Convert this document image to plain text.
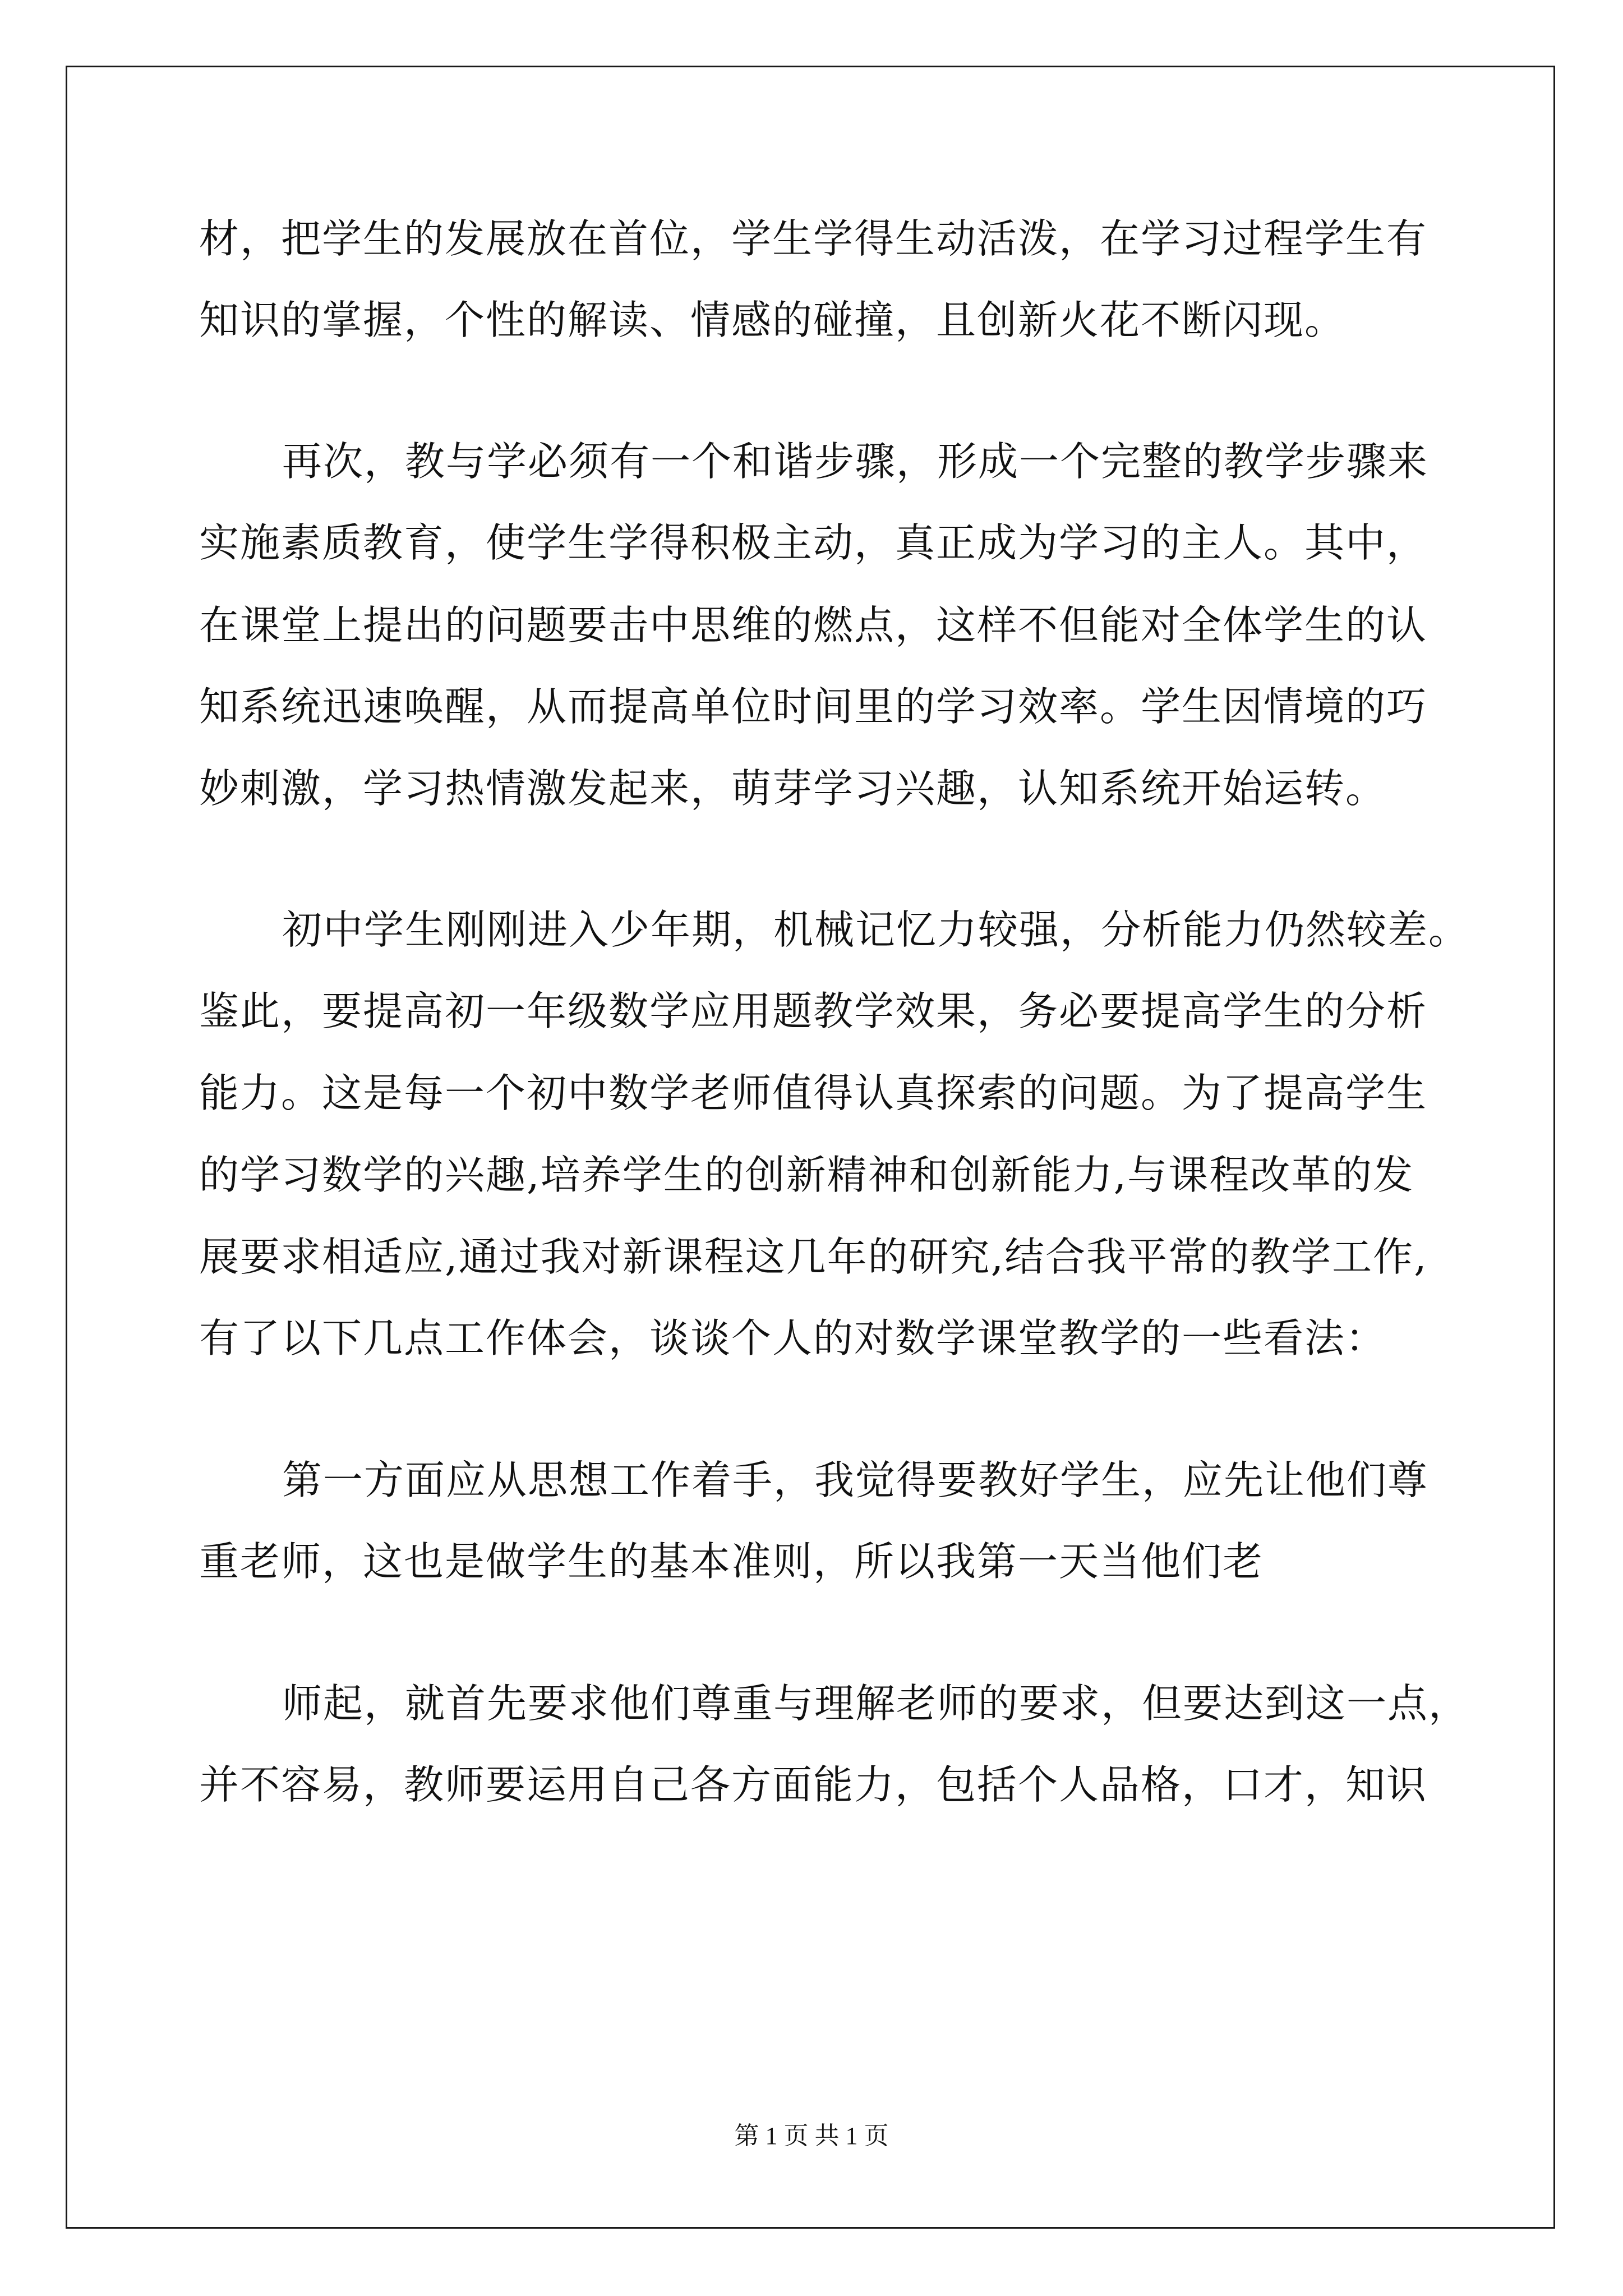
材，把学生的发展放在首位，学生学得生动活泼，在学习过程学生有
知识的掌握，个性的解读、情感的碰撞，且创新火花不断闪现。
再次，教与学必须有一个和谐步骤，形成一个完整的教学步骤来
实施素质教育，使学生学得积极主动，真正成为学习的主人。其中，
在课堂上提出的问题要击中思维的燃点，这样不但能对全体学生的认
知系统迅速唤醒，从而提高单位时间里的学习效率。学生因情境的巧
妙刺激，学习热情激发起来，萌芽学习兴趣，认知系统开始运转。
初中学生刚刚进入少年期，机械记忆力较强，分析能力仍然较差。
鉴此，要提高初一年级数学应用题教学效果，务必要提高学生的分析
能力。这是每一个初中数学老师值得认真探索的问题。为了提高学生
的学习数学的兴趣,培养学生的创新精神和创新能力,与课程改革的发
展要求相适应,通过我对新课程这几年的研究,结合我平常的教学工作,
有了以下几点工作体会，谈谈个人的对数学课堂教学的一些看法：
第一方面应从思想工作着手，我觉得要教好学生，应先让他们尊
重老师，这也是做学生的基本准则，所以我第一天当他们老
师起，就首先要求他们尊重与理解老师的要求，但要达到这一点，
并不容易，教师要运用自己各方面能力，包括个人品格，口才，知识
第 1 页 共 1 页
